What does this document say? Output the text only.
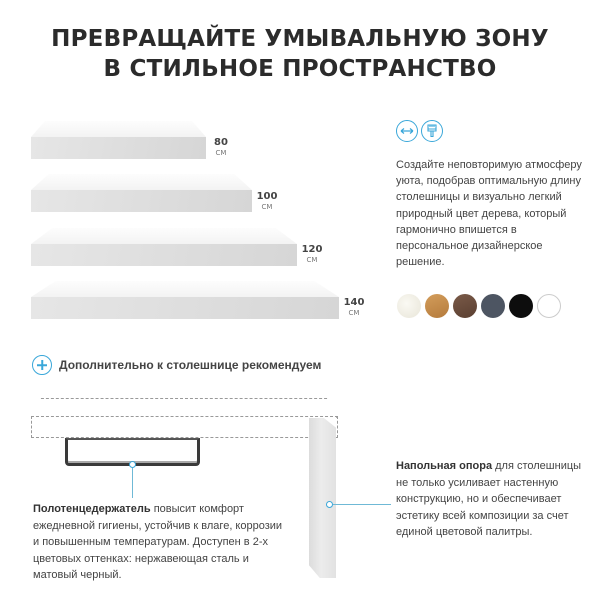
ПРЕВРАЩАЙТЕ УМЫВАЛЬНУЮ ЗОНУ
В СТИЛЬНОЕ ПРОСТРАНСТВО
80
СМ
100
СМ
120
СМ
140
СМ
Создайте неповторимую атмосферу уюта, подобрав оптимальную длину столешницы и визуально легкий природный цвет дерева, который гармонично впишется в персональное дизайнерское решение.
Дополнительно к столешнице рекомендуем
Полотенцедержатель повысит комфорт ежедневной гигиены, устойчив к влаге, коррозии и повышенным температурам. Доступен в 2-х цветовых оттенках: нержавеющая сталь и матовый черный.
Напольная опора для столешницы не только усиливает настенную конструкцию, но и обеспечивает эстетику всей композиции за счет единой цветовой палитры.
